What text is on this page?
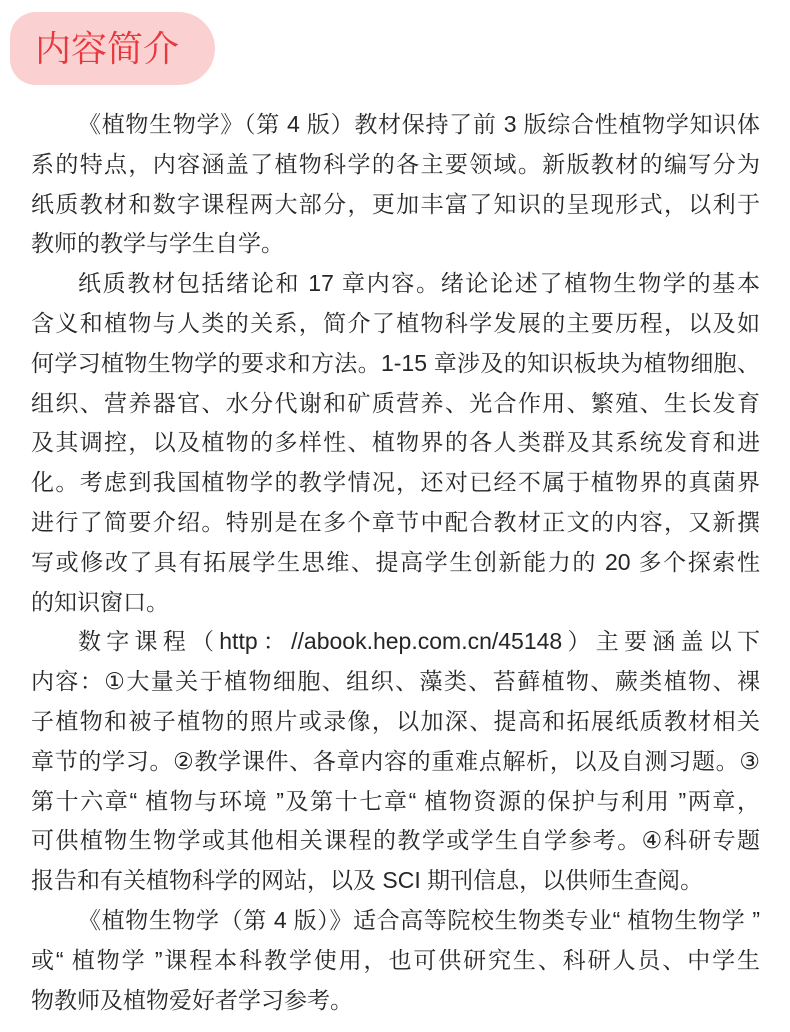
内容简介

《植物生物学》（第 4 版）教材保持了前 3 版综合性植物学知识体
系的特点，内容涵盖了植物科学的各主要领域。新版教材的编写分为
纸质教材和数字课程两大部分，更加丰富了知识的呈现形式，以利于
教师的教学与学生自学。

纸质教材包括绪论和 17 章内容。绪论论述了植物生物学的基本
含义和植物与人类的关系，简介了植物科学发展的主要历程，以及如
何学习植物生物学的要求和方法。1-15 章涉及的知识板块为植物细胞、
组织、营养器官、水分代谢和矿质营养、光合作用、繁殖、生长发育
及其调控，以及植物的多样性、植物界的各人类群及其系统发育和进
化。考虑到我国植物学的教学情况，还对已经不属于植物界的真菌界
进行了简要介绍。特别是在多个章节中配合教材正文的内容，又新撰
写或修改了具有拓展学生思维、提高学生创新能力的 20 多个探索性
的知识窗口。

数字课程（http：//abook.hep.com.cn/45148）主要涵盖以下
内容：①大量关于植物细胞、组织、藻类、苔藓植物、蕨类植物、裸
子植物和被子植物的照片或录像，以加深、提高和拓展纸质教材相关
章节的学习。②教学课件、各章内容的重难点解析，以及自测习题。③
第十六章“ 植物与环境 ”及第十七章“ 植物资源的保护与利用 ”两章，
可供植物生物学或其他相关课程的教学或学生自学参考。④科研专题
报告和有关植物科学的网站，以及 SCI 期刊信息，以供师生查阅。

《植物生物学（第 4 版）》适合高等院校生物类专业“ 植物生物学 ”
或“ 植物学 ”课程本科教学使用，也可供研究生、科研人员、中学生
物教师及植物爱好者学习参考。
